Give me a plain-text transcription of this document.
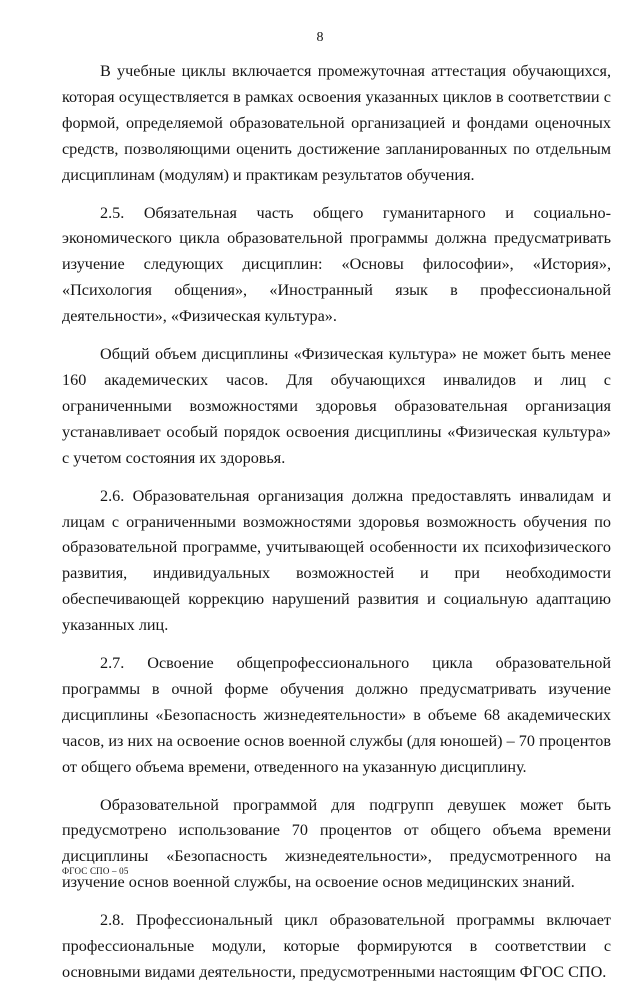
8

В учебные циклы включается промежуточная аттестация обучающихся, которая осуществляется в рамках освоения указанных циклов в соответствии с формой, определяемой образовательной организацией и фондами оценочных средств, позволяющими оценить достижение запланированных по отдельным дисциплинам (модулям) и практикам результатов обучения.

2.5. Обязательная часть общего гуманитарного и социально-экономического цикла образовательной программы должна предусматривать изучение следующих дисциплин: «Основы философии», «История», «Психология общения», «Иностранный язык в профессиональной деятельности», «Физическая культура».

Общий объем дисциплины «Физическая культура» не может быть менее 160 академических часов. Для обучающихся инвалидов и лиц с ограниченными возможностями здоровья образовательная организация устанавливает особый порядок освоения дисциплины «Физическая культура» с учетом состояния их здоровья.

2.6. Образовательная организация должна предоставлять инвалидам и лицам с ограниченными возможностями здоровья возможность обучения по образовательной программе, учитывающей особенности их психофизического развития, индивидуальных возможностей и при необходимости обеспечивающей коррекцию нарушений развития и социальную адаптацию указанных лиц.

2.7. Освоение общепрофессионального цикла образовательной программы в очной форме обучения должно предусматривать изучение дисциплины «Безопасность жизнедеятельности» в объеме 68 академических часов, из них на освоение основ военной службы (для юношей) – 70 процентов от общего объема времени, отведенного на указанную дисциплину.

Образовательной программой для подгрупп девушек может быть предусмотрено использование 70 процентов от общего объема времени дисциплины «Безопасность жизнедеятельности», предусмотренного на изучение основ военной службы, на освоение основ медицинских знаний.

2.8. Профессиональный цикл образовательной программы включает профессиональные модули, которые формируются в соответствии с основными видами деятельности, предусмотренными настоящим ФГОС СПО.

ФГОС СПО – 05
